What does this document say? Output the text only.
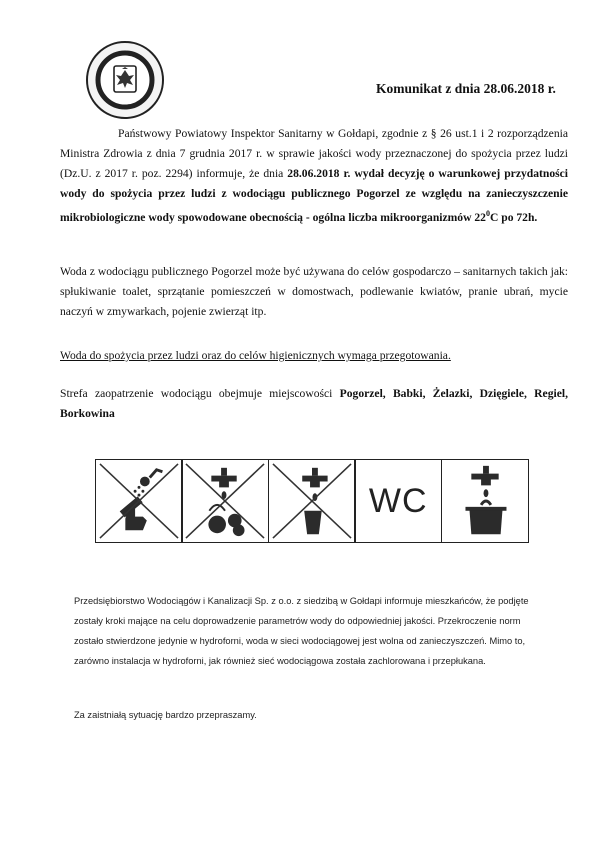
Komunikat z dnia 28.06.2018 r.
Państwowy Powiatowy Inspektor Sanitarny w Gołdapi, zgodnie z § 26 ust.1 i 2 rozporządzenia Ministra Zdrowia z dnia 7 grudnia 2017 r. w sprawie jakości wody przeznaczonej do spożycia przez ludzi (Dz.U. z 2017 r. poz. 2294) informuje, że dnia 28.06.2018 r. wydał decyzję o warunkowej przydatności wody do spożycia przez ludzi z wodociągu publicznego Pogorzel ze względu na zanieczyszczenie mikrobiologiczne wody spowodowane obecnością - ogólna liczba mikroorganizmów $22^0C$ po 72h.
Woda z wodociągu publicznego Pogorzel może być używana do celów gospodarczo – sanitarnych takich jak: spłukiwanie toalet, sprzątanie pomieszczeń w domostwach, podlewanie kwiatów, pranie ubrań, mycie naczyń w zmywarkach, pojenie zwierząt itp.
Woda do spożycia przez ludzi oraz do celów higienicznych wymaga przegotowania.
Strefa zaopatrzenie wodociągu obejmuje miejscowości Pogorzel, Babki, Żelazki, Dzięgiele, Regiel, Borkowina
WC
Przedsiębiorstwo Wodociągów i Kanalizacji Sp. z o.o. z siedzibą w Gołdapi informuje mieszkańców, że podjęte zostały kroki mające na celu doprowadzenie parametrów wody do odpowiedniej jakości. Przekroczenie norm zostało stwierdzone jedynie w hydroforni, woda w sieci wodociągowej jest wolna od zanieczyszczeń. Mimo to, zarówno instalacja w hydroforni, jak również sieć wodociągowa została zachlorowana i przepłukana.
Za zaistniałą sytuację bardzo przepraszamy.
